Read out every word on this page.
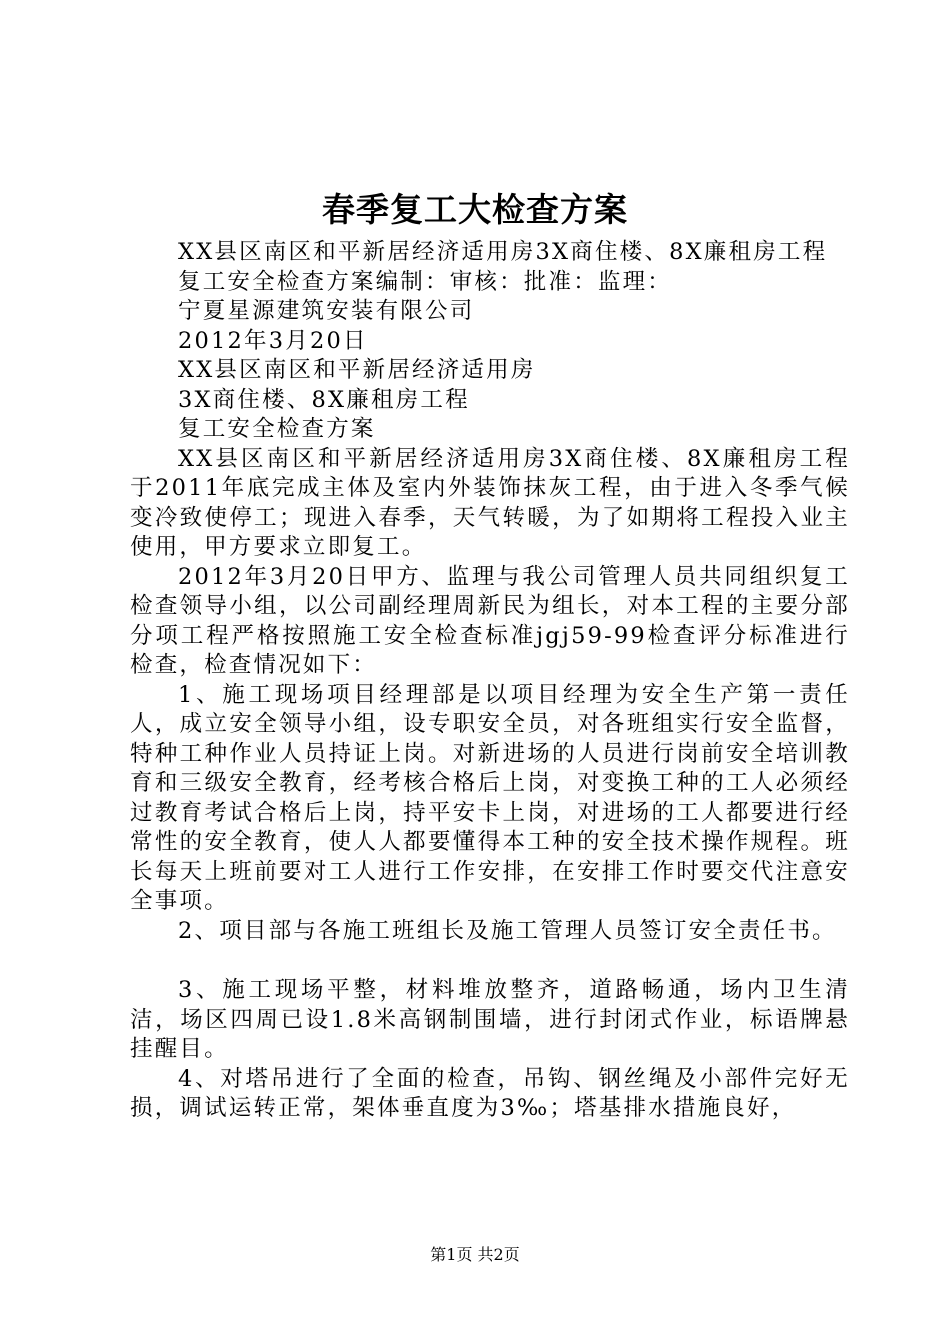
春季复工大检查方案

XX县区南区和平新居经济适用房3X商住楼、8X廉租房工程

复工安全检查方案编制：审核：批准：监理：

宁夏星源建筑安装有限公司

2012年3月20日

XX县区南区和平新居经济适用房

3X商住楼、8X廉租房工程

复工安全检查方案

XX县区南区和平新居经济适用房3X商住楼、8X廉租房工程于2011年底完成主体及室内外装饰抹灰工程，由于进入冬季气候变冷致使停工；现进入春季，天气转暖，为了如期将工程投入业主使用，甲方要求立即复工。

2012年3月20日甲方、监理与我公司管理人员共同组织复工检查领导小组，以公司副经理周新民为组长，对本工程的主要分部分项工程严格按照施工安全检查标准jgj59-99检查评分标准进行检查，检查情况如下：

1、施工现场项目经理部是以项目经理为安全生产第一责任人，成立安全领导小组，设专职安全员，对各班组实行安全监督，特种工种作业人员持证上岗。对新进场的人员进行岗前安全培训教育和三级安全教育，经考核合格后上岗，对变换工种的工人必须经过教育考试合格后上岗，持平安卡上岗，对进场的工人都要进行经常性的安全教育，使人人都要懂得本工种的安全技术操作规程。班长每天上班前要对工人进行工作安排，在安排工作时要交代注意安全事项。

2、项目部与各施工班组长及施工管理人员签订安全责任书。

3、施工现场平整，材料堆放整齐，道路畅通，场内卫生清洁，场区四周已设1.8米高钢制围墙，进行封闭式作业，标语牌悬挂醒目。

4、对塔吊进行了全面的检查，吊钩、钢丝绳及小部件完好无损，调试运转正常，架体垂直度为3‰；塔基排水措施良好，

第1页 共2页
